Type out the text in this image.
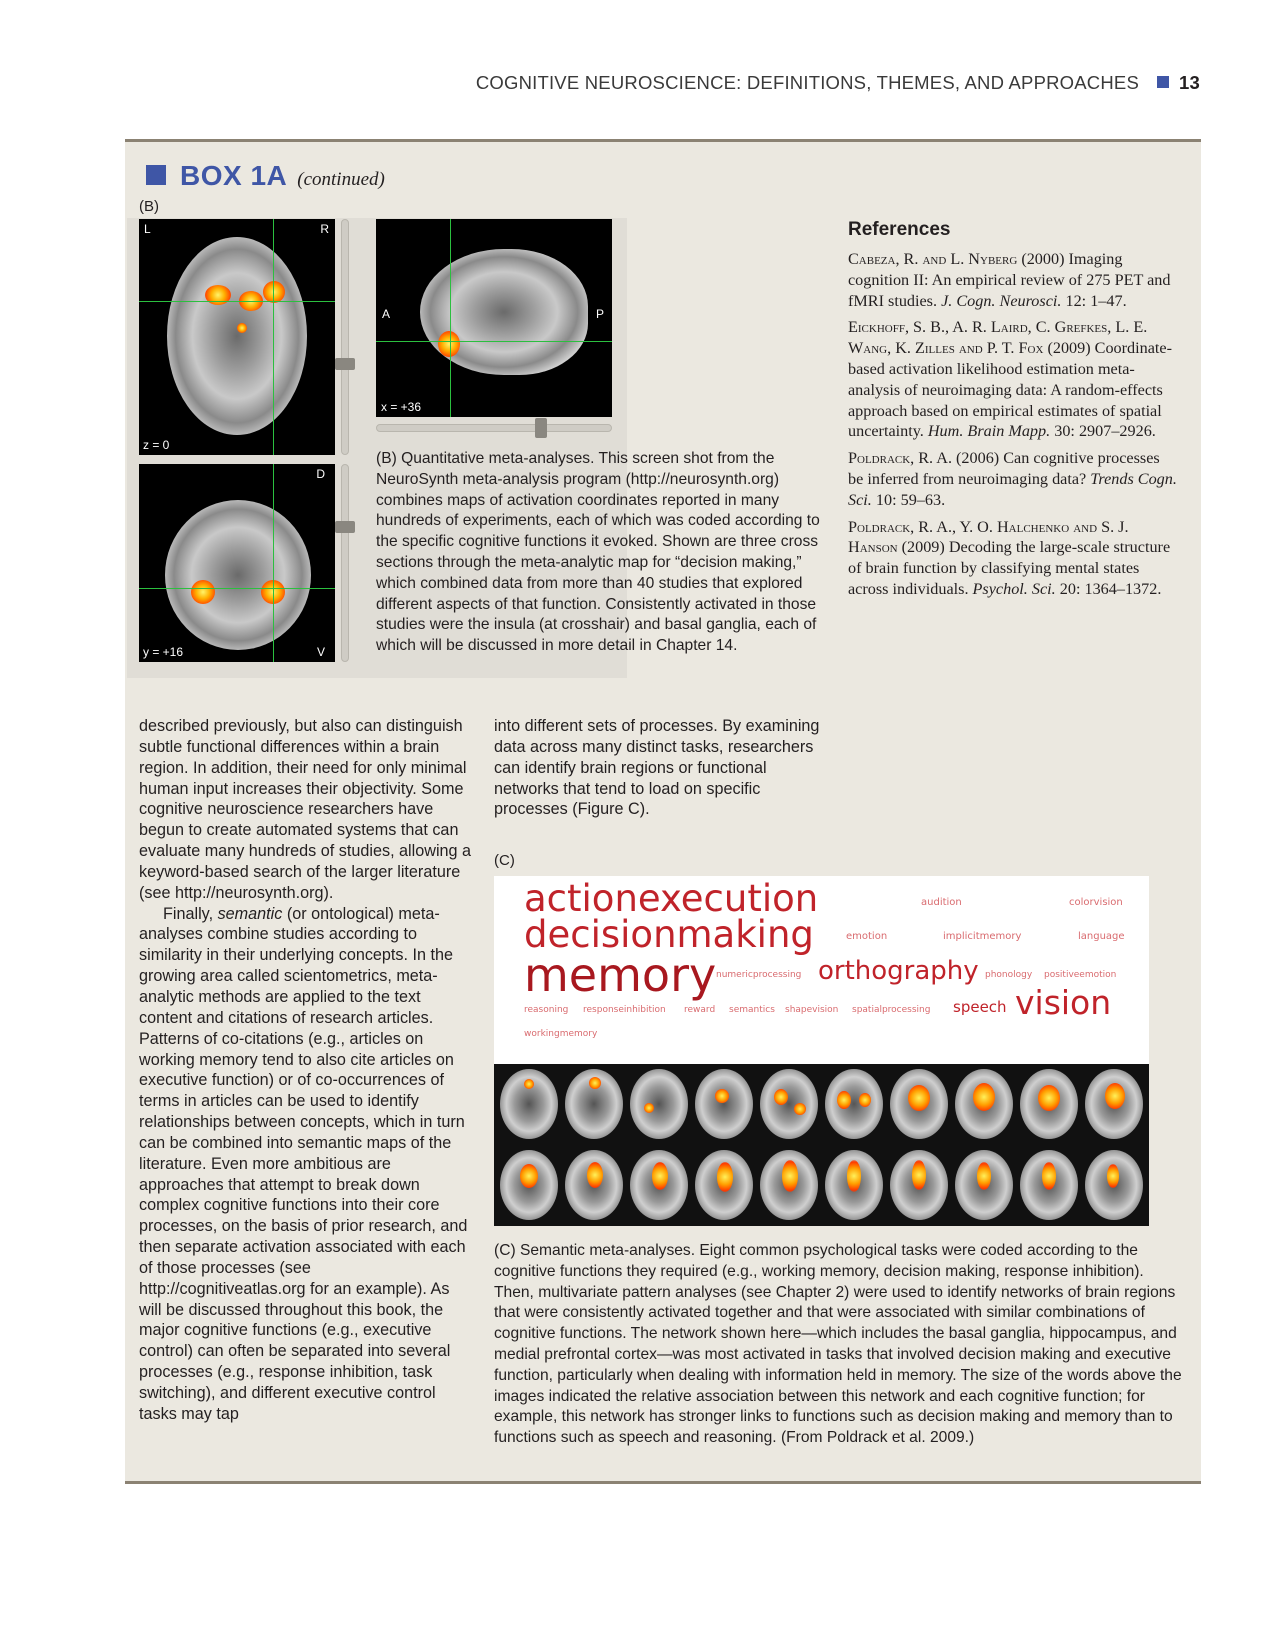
COGNITIVE NEUROSCIENCE: DEFINITIONS, THEMES, AND APPROACHES 13
BOX 1A (continued)
(B)
L	R
z = 0
D
V
y = +16
A	P
x = +36
(B) Quantitative meta-analyses. This screen shot from the NeuroSynth meta-analysis program (http://neurosynth.org) combines maps of activation coordinates reported in many hundreds of experiments, each of which was coded according to the specific cognitive functions it evoked. Shown are three cross sections through the meta-analytic map for “decision making,” which combined data from more than 40 studies that explored different aspects of that function. Consistently activated in those studies were the insula (at crosshair) and basal ganglia, each of which will be discussed in more detail in Chapter 14.
References

Cabeza, R. and L. Nyberg (2000) Imaging cognition II: An empirical review of 275 PET and fMRI studies. J. Cogn. Neurosci. 12: 1–47.

Eickhoff, S. B., A. R. Laird, C. Grefkes, L. E. Wang, K. Zilles and P. T. Fox (2009) Coordinate-based activation likelihood estimation meta-analysis of neuroimaging data: A random-effects approach based on empirical estimates of spatial uncertainty. Hum. Brain Mapp. 30: 2907–2926.

Poldrack, R. A. (2006) Can cognitive processes be inferred from neuroimaging data? Trends Cogn. Sci. 10: 59–63.

Poldrack, R. A., Y. O. Halchenko and S. J. Hanson (2009) Decoding the large-scale structure of brain function by classifying mental states across individuals. Psychol. Sci. 20: 1364–1372.

described previously, but also can distinguish subtle functional differences within a brain region. In addition, their need for only minimal human input increases their objectivity. Some cognitive neuroscience researchers have begun to create automated systems that can evaluate many hundreds of studies, allowing a keyword-based search of the larger literature (see http://neurosynth.org).

Finally, semantic (or ontological) meta-analyses combine studies according to similarity in their underlying concepts. In the growing area called scientometrics, meta-analytic methods are applied to the text content and citations of research articles. Patterns of co-citations (e.g., articles on working memory tend to also cite articles on executive function) or of co-occurrences of terms in articles can be used to identify relationships between concepts, which in turn can be combined into semantic maps of the literature. Even more ambitious are approaches that attempt to break down complex cognitive functions into their core processes, on the basis of prior research, and then separate activation associated with each of those processes (see http://cognitiveatlas.org for an example). As will be discussed throughout this book, the major cognitive functions (e.g., executive control) can often be separated into several processes (e.g., response inhibition, task switching), and different executive control tasks may tap

into different sets of processes. By examining data across many distinct tasks, researchers can identify brain regions or functional networks that tend to load on specific processes (Figure C).

(C)
actionexecution
decisionmaking
memory	orthography
vision
speech
audition	colorvision
emotion	implicitmemory	language
numericprocessing	phonology positiveemotion
reasoning responseinhibition reward semantics shapevision spatialprocessing
workingmemory
(C) Semantic meta-analyses. Eight common psychological tasks were coded according to the cognitive functions they required (e.g., working memory, decision making, response inhibition). Then, multivariate pattern analyses (see Chapter 2) were used to identify networks of brain regions that were consistently activated together and that were associated with similar combinations of cognitive functions. The network shown here—which includes the basal ganglia, hippocampus, and medial prefrontal cortex—was most activated in tasks that involved decision making and executive function, particularly when dealing with information held in memory. The size of the words above the images indicated the relative association between this network and each cognitive function; for example, this network has stronger links to functions such as decision making and memory than to functions such as speech and reasoning. (From Poldrack et al. 2009.)
